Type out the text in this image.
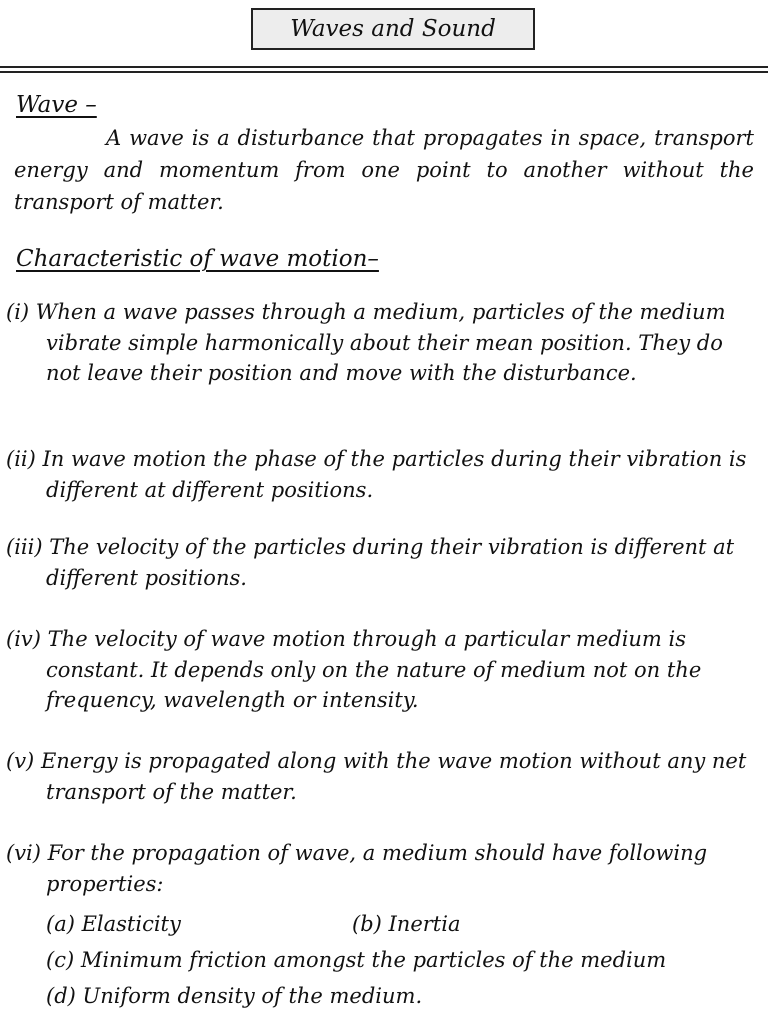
Waves and Sound
Wave –
A wave is a disturbance that propagates in space, transport energy and momentum from one point to another without the transport of matter.
Characteristic of wave motion–
(i) When a wave passes through a medium, particles of the medium vibrate simple harmonically about their mean position. They do not leave their position and move with the disturbance.
(ii) In wave motion the phase of the particles during their vibration is different at different positions.
(iii) The velocity of the particles during their vibration is different at different positions.
(iv) The velocity of wave motion through a particular medium is constant. It depends only on the nature of medium not on the frequency, wavelength or intensity.
(v) Energy is propagated along with the wave motion without any net transport of the matter.
(vi) For the propagation of wave, a medium should have following properties:
(a) Elasticity	(b) Inertia
(c) Minimum friction amongst the particles of the medium
(d) Uniform density of the medium.
